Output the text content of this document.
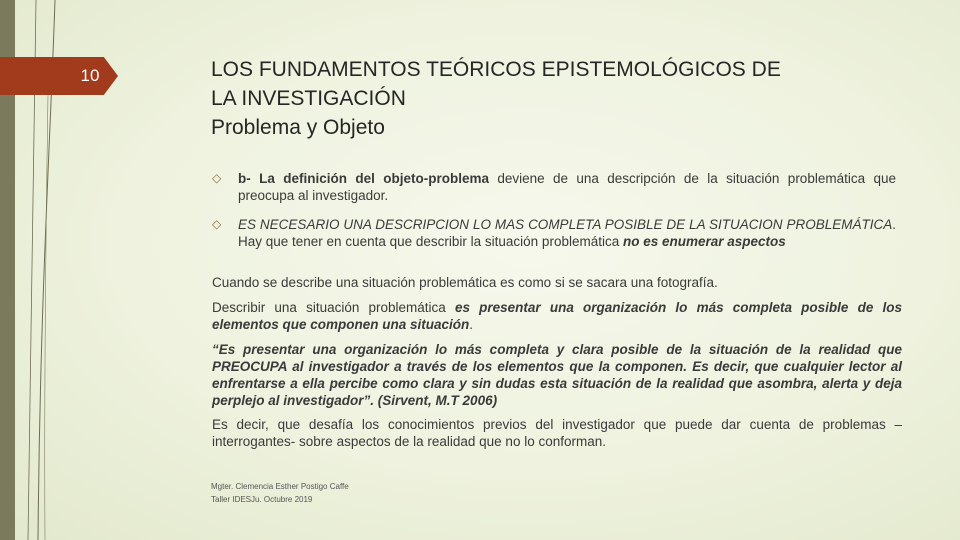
10	LOS FUNDAMENTOS TEÓRICOS EPISTEMOLÓGICOS DE
LA INVESTIGACIÓN
Problema y Objeto
◇	b- La definición del objeto-problema deviene de una descripción de la situación problemática que preocupa al investigador.
◇	ES NECESARIO UNA DESCRIPCION LO MAS COMPLETA POSIBLE DE LA SITUACION PROBLEMÁTICA. Hay que tener en cuenta que describir la situación problemática no es enumerar aspectos
Cuando se describe una situación problemática es como si se sacara una fotografía.
Describir una situación problemática es presentar una organización lo más completa posible de los elementos que componen una situación.
“Es presentar una organización lo más completa y clara posible de la situación de la realidad que PREOCUPA al investigador a través de los elementos que la componen. Es decir, que cualquier lector al enfrentarse a ella percibe como clara y sin dudas esta situación de la realidad que asombra, alerta y deja perplejo al investigador”. (Sirvent, M.T 2006)
Es decir, que desafía los conocimientos previos del investigador que puede dar cuenta de problemas – interrogantes- sobre aspectos de la realidad que no lo conforman.
Mgter. Clemencia Esther Postigo Caffe
Taller IDESJu. Octubre 2019
